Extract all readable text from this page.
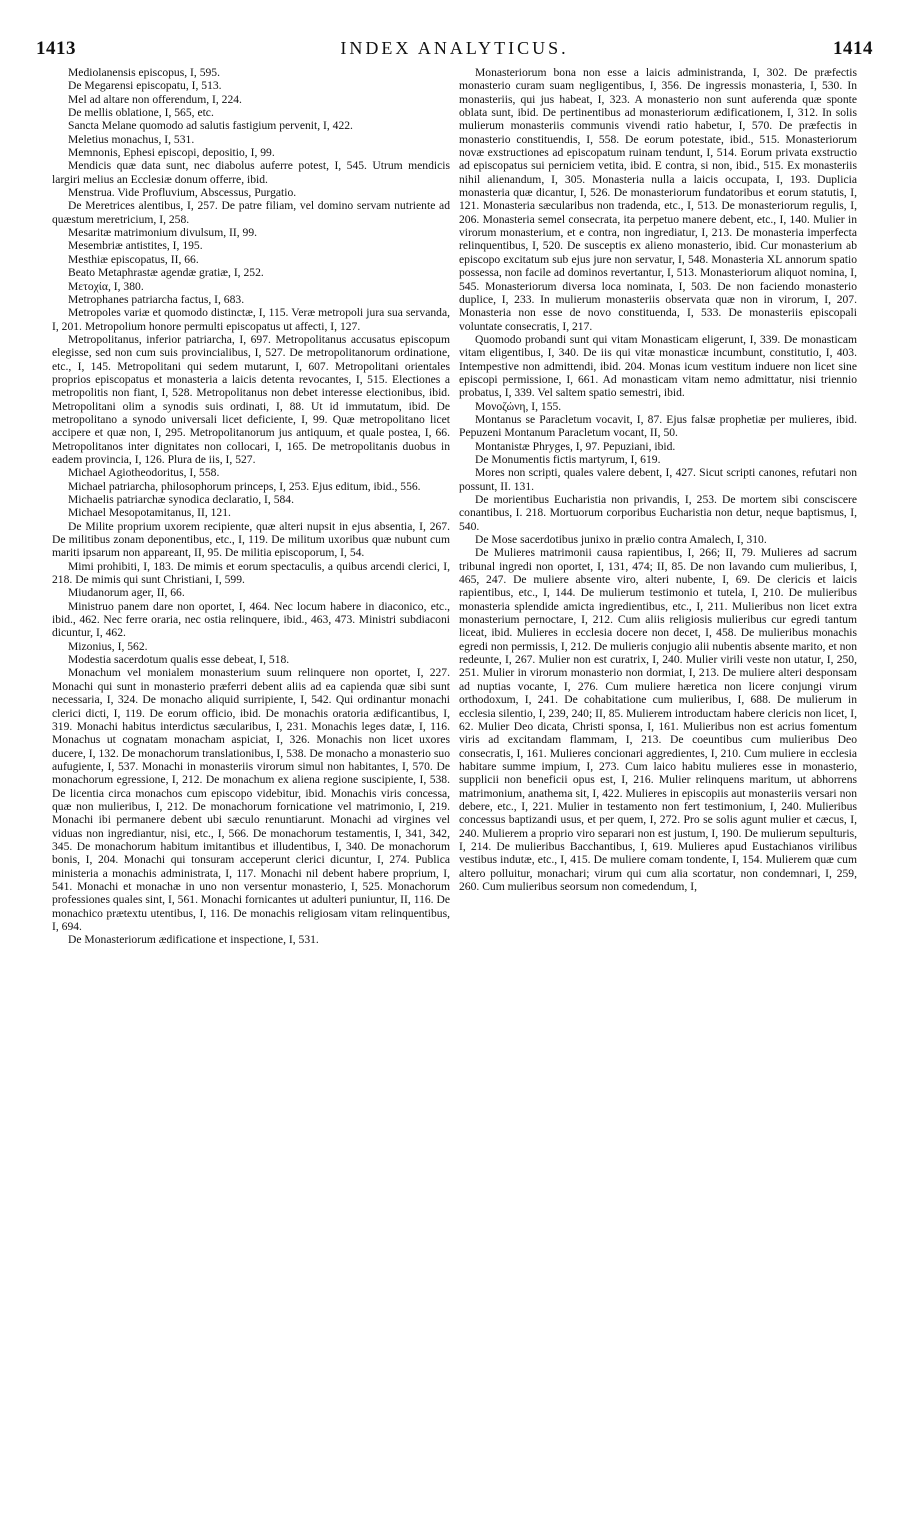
1413	INDEX ANALYTICUS.	1414

Mediolanensis episcopus, I, 595.

De Megarensi episcopatu, I, 513.

Mel ad altare non offerendum, I, 224.

De mellis oblatione, I, 565, etc.

Sancta Melane quomodo ad salutis fastigium pervenit, I, 422.

Meletius monachus, I, 531.

Memnonis, Ephesi episcopi, depositio, I, 99.

Mendicis quæ data sunt, nec diabolus auferre potest, I, 545. Utrum mendicis largiri melius an Ecclesiæ donum offerre, ibid.

Menstrua. Vide Profluvium, Abscessus, Purgatio.

De Meretrices alentibus, I, 257. De patre filiam, vel domino servam nutriente ad quæstum meretricium, I, 258.

Mesaritæ matrimonium divulsum, II, 99.

Mesembriæ antistites, I, 195.

Mesthiæ episcopatus, II, 66.

Beato Metaphrastæ agendæ gratiæ, I, 252.

Μετοχία, I, 380.

Metrophanes patriarcha factus, I, 683.

Metropoles variæ et quomodo distinctæ, I, 115. Veræ metropoli jura sua servanda, I, 201. Metropolium honore permulti episcopatus ut affecti, I, 127.

Metropolitanus, inferior patriarcha, I, 697. Metropolitanus accusatus episcopum elegisse, sed non cum suis provincialibus, I, 527. De metropolitanorum ordinatione, etc., I, 145. Metropolitani qui sedem mutarunt, I, 607. Metropolitani orientales proprios episcopatus et monasteria a laicis detenta revocantes, I, 515. Electiones a metropolitis non fiant, I, 528. Metropolitanus non debet interesse electionibus, ibid. Metropolitani olim a synodis suis ordinati, I, 88. Ut id immutatum, ibid. De metropolitano a synodo universali licet deficiente, I, 99. Quæ metropolitano licet accipere et quæ non, I, 295. Metropolitanorum jus antiquum, et quale postea, I, 66. Metropolitanos inter dignitates non collocari, I, 165. De metropolitanis duobus in eadem provincia, I, 126. Plura de iis, I, 527.

Michael Agiotheodoritus, I, 558.

Michael patriarcha, philosophorum princeps, I, 253. Ejus editum, ibid., 556.

Michaelis patriarchæ synodica declaratio, I, 584.

Michael Mesopotamitanus, II, 121.

De Milite proprium uxorem recipiente, quæ alteri nupsit in ejus absentia, I, 267. De militibus zonam deponentibus, etc., I, 119. De militum uxoribus quæ nubunt cum mariti ipsarum non appareant, II, 95. De militia episcoporum, I, 54.

Mimi prohibiti, I, 183. De mimis et eorum spectaculis, a quibus arcendi clerici, I, 218. De mimis qui sunt Christiani, I, 599.

Miudanorum ager, II, 66.

Ministruo panem dare non oportet, I, 464. Nec locum habere in diaconico, etc., ibid., 462. Nec ferre oraria, nec ostia relinquere, ibid., 463, 473. Ministri subdiaconi dicuntur, I, 462.

Mizonius, I, 562.

Modestia sacerdotum qualis esse debeat, I, 518.

Monachum vel monialem monasterium suum relinquere non oportet, I, 227. Monachi qui sunt in monasterio præferri debent aliis ad ea capienda quæ sibi sunt necessaria, I, 324. De monacho aliquid surripiente, I, 542. Qui ordinantur monachi clerici dicti, I, 119. De eorum officio, ibid. De monachis oratoria ædificantibus, I, 319. Monachi habitus interdictus sæcularibus, I, 231. Monachis leges datæ, I, 116. Monachus ut cognatam monacham aspiciat, I, 326. Monachis non licet uxores ducere, I, 132. De monachorum translationibus, I, 538. De monacho a monasterio suo aufugiente, I, 537. Monachi in monasteriis virorum simul non habitantes, I, 570. De monachorum egressione, I, 212. De monachum ex aliena regione suscipiente, I, 538. De licentia circa monachos cum episcopo videbitur, ibid. Monachis viris concessa, quæ non mulieribus, I, 212. De monachorum fornicatione vel matrimonio, I, 219. Monachi ibi permanere debent ubi sæculo renuntiarunt. Monachi ad virgines vel viduas non ingrediantur, nisi, etc., I, 566. De monachorum testamentis, I, 341, 342, 345. De monachorum habitum imitantibus et illudentibus, I, 340. De monachorum bonis, I, 204. Monachi qui tonsuram acceperunt clerici dicuntur, I, 274. Publica ministeria a monachis administrata, I, 117. Monachi nil debent habere proprium, I, 541. Monachi et monachæ in uno non versentur monasterio, I, 525. Monachorum professiones quales sint, I, 561. Monachi fornicantes ut adulteri puniuntur, II, 116. De monachico prætextu utentibus, I, 116. De monachis religiosam vitam relinquentibus, I, 694.

De Monasteriorum ædificatione et inspectione, I, 531.

Monasteriorum bona non esse a laicis administranda, I, 302. De præfectis monasterio curam suam negligentibus, I, 356. De ingressis monasteria, I, 530. In monasteriis, qui jus habeat, I, 323. A monasterio non sunt auferenda quæ sponte oblata sunt, ibid. De pertinentibus ad monasteriorum ædificationem, I, 312. In solis mulierum monasteriis communis vivendi ratio habetur, I, 570. De præfectis in monasterio constituendis, I, 558. De eorum potestate, ibid., 515. Monasteriorum novæ exstructiones ad episcopatum ruinam tendunt, I, 514. Eorum privata exstructio ad episcopatus sui perniciem vetita, ibid. E contra, si non, ibid., 515. Ex monasteriis nihil alienandum, I, 305. Monasteria nulla a laicis occupata, I, 193. Duplicia monasteria quæ dicantur, I, 526. De monasteriorum fundatoribus et eorum statutis, I, 121. Monasteria sæcularibus non tradenda, etc., I, 513. De monasteriorum regulis, I, 206. Monasteria semel consecrata, ita perpetuo manere debent, etc., I, 140. Mulier in virorum monasterium, et e contra, non ingrediatur, I, 213. De monasteria imperfecta relinquentibus, I, 520. De susceptis ex alieno monasterio, ibid. Cur monasterium ab episcopo excitatum sub ejus jure non servatur, I, 548. Monasteria XL annorum spatio possessa, non facile ad dominos revertantur, I, 513. Monasteriorum aliquot nomina, I, 545. Monasteriorum diversa loca nominata, I, 503. De non faciendo monasterio duplice, I, 233. In mulierum monasteriis observata quæ non in virorum, I, 207. Monasteria non esse de novo constituenda, I, 533. De monasteriis episcopali voluntate consecratis, I, 217.

Quomodo probandi sunt qui vitam Monasticam eligerunt, I, 339. De monasticam vitam eligentibus, I, 340. De iis qui vitæ monasticæ incumbunt, constitutio, I, 403. Intempestive non admittendi, ibid. 204. Monas icum vestitum induere non licet sine episcopi permissione, I, 661. Ad monasticam vitam nemo admittatur, nisi triennio probatus, I, 339. Vel saltem spatio semestri, ibid.

Μονοζώνη, I, 155.

Montanus se Paracletum vocavit, I, 87. Ejus falsæ prophetiæ per mulieres, ibid. Pepuzeni Montanum Paracletum vocant, II, 50.

Montanistæ Phryges, I, 97. Pepuziani, ibid.

De Monumentis fictis martyrum, I, 619.

Mores non scripti, quales valere debent, I, 427. Sicut scripti canones, refutari non possunt, II. 131.

De morientibus Eucharistia non privandis, I, 253. De mortem sibi consciscere conantibus, I. 218. Mortuorum corporibus Eucharistia non detur, neque baptismus, I, 540.

De Mose sacerdotibus junixo in prælio contra Amalech, I, 310.

De Mulieres matrimonii causa rapientibus, I, 266; II, 79. Mulieres ad sacrum tribunal ingredi non oportet, I, 131, 474; II, 85. De non lavando cum mulieribus, I, 465, 247. De muliere absente viro, alteri nubente, I, 69. De clericis et laicis rapientibus, etc., I, 144. De mulierum testimonio et tutela, I, 210. De mulieribus monasteria splendide amicta ingredientibus, etc., I, 211. Mulieribus non licet extra monasterium pernoctare, I, 212. Cum aliis religiosis mulieribus cur egredi tantum liceat, ibid. Mulieres in ecclesia docere non decet, I, 458. De mulieribus monachis egredi non permissis, I, 212. De mulieris conjugio alii nubentis absente marito, et non redeunte, I, 267. Mulier non est curatrix, I, 240. Mulier virili veste non utatur, I, 250, 251. Mulier in virorum monasterio non dormiat, I, 213. De muliere alteri desponsam ad nuptias vocante, I, 276. Cum muliere hæretica non licere conjungi virum orthodoxum, I, 241. De cohabitatione cum mulieribus, I, 688. De mulierum in ecclesia silentio, I, 239, 240; II, 85. Mulierem introductam habere clericis non licet, I, 62. Mulier Deo dicata, Christi sponsa, I, 161. Mulieribus non est acrius fomentum viris ad excitandam flammam, I, 213. De coeuntibus cum mulieribus Deo consecratis, I, 161. Mulieres concionari aggredientes, I, 210. Cum muliere in ecclesia habitare summe impium, I, 273. Cum laico habitu mulieres esse in monasterio, supplicii non beneficii opus est, I, 216. Mulier relinquens maritum, ut abhorrens matrimonium, anathema sit, I, 422. Mulieres in episcopiis aut monasteriis versari non debere, etc., I, 221. Mulier in testamento non fert testimonium, I, 240. Mulieribus concessus baptizandi usus, et per quem, I, 272. Pro se solis agunt mulier et cæcus, I, 240. Mulierem a proprio viro separari non est justum, I, 190. De mulierum sepulturis, I, 214. De mulieribus Bacchantibus, I, 619. Mulieres apud Eustachianos virilibus vestibus indutæ, etc., I, 415. De muliere comam tondente, I, 154. Mulierem quæ cum altero polluitur, monachari; virum qui cum alia scortatur, non condemnari, I, 259, 260. Cum mulieribus seorsum non comedendum, I,
